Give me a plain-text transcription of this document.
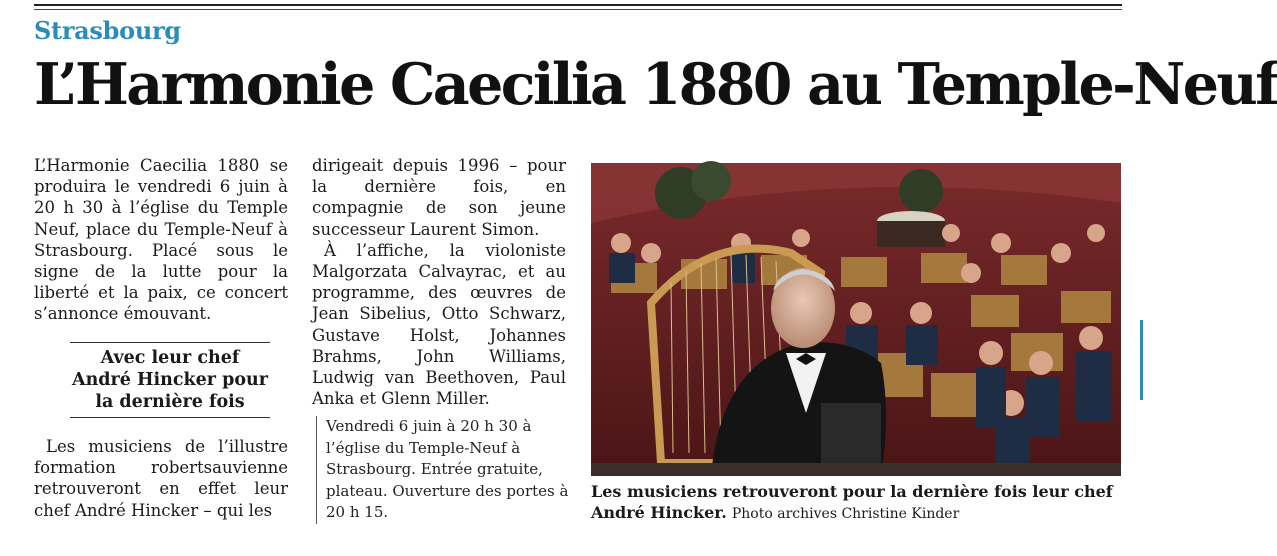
Strasbourg
L’Harmonie Caecilia 1880 au Temple-Neuf

L’Harmonie Caecilia 1880 se produira le vendredi 6 juin à 20 h 30 à l’église du Temple Neuf, place du Temple-Neuf à Strasbourg. Placé sous le signe de la lutte pour la liberté et la paix, ce concert s’annonce émouvant.

Avec leur chef André Hincker pour la dernière fois

Les musiciens de l’illustre formation robertsauvienne retrouveront en effet leur chef André Hincker – qui les

dirigeait depuis 1996 – pour la dernière fois, en compagnie de son jeune successeur Laurent Simon.

À l’affiche, la violoniste Malgorzata Calvayrac, et au programme, des œuvres de Jean Sibelius, Otto Schwarz, Gustave Holst, Johannes Brahms, John Williams, Ludwig van Beethoven, Paul Anka et Glenn Miller.

Vendredi 6 juin à 20 h 30 à l’église du Temple-Neuf à Strasbourg. Entrée gratuite, plateau. Ouverture des portes à 20 h 15.
Les musiciens retrouveront pour la dernière fois leur chef André Hincker. Photo archives Christine Kinder
